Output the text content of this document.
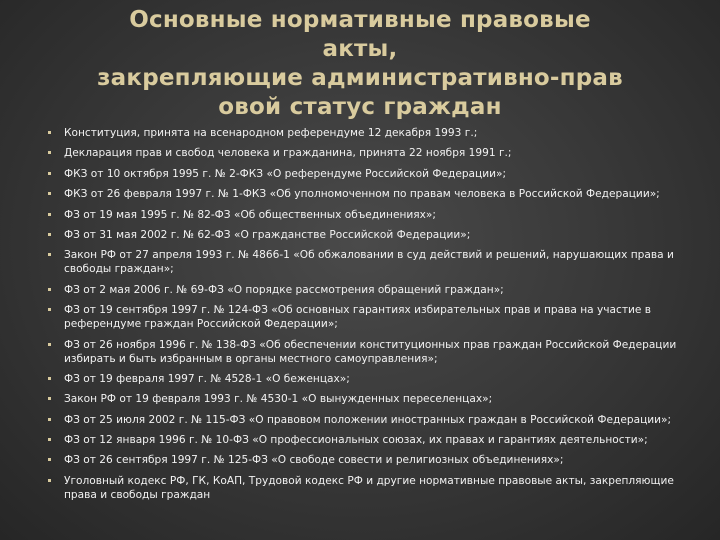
Основные нормативные правовые
акты,
закрепляющие административно-прав
овой статус граждан
Конституция, принята на всенародном референдуме 12 декабря 1993 г.;
Декларация прав и свобод человека и гражданина, принята 22 ноября 1991 г.;
ФКЗ от 10 октября 1995 г. № 2-ФКЗ «О референдуме Российской Федерации»;
ФКЗ от 26 февраля 1997 г. № 1-ФКЗ «Об уполномоченном по правам человека в Российской Федерации»;
ФЗ от 19 мая 1995 г. № 82-ФЗ «Об общественных объединениях»;
ФЗ от 31 мая 2002 г. № 62-ФЗ «О гражданстве Российской Федерации»;
Закон РФ от 27 апреля 1993 г. № 4866-1 «Об обжаловании в суд действий и решений, нарушающих права и свободы граждан»;
ФЗ от 2 мая 2006 г. № 69-ФЗ «О порядке рассмотрения обращений граждан»;
ФЗ от 19 сентября 1997 г. № 124-ФЗ «Об основных гарантиях избирательных прав и права на участие в референдуме граждан Российской Федерации»;
ФЗ от 26 ноября 1996 г. № 138-ФЗ «Об обеспечении конституционных прав граждан Российской Федерации избирать и быть избранным в органы местного самоуправления»;
ФЗ от 19 февраля 1997 г. № 4528-1 «О беженцах»;
Закон РФ от 19 февраля 1993 г. № 4530-1 «О вынужденных переселенцах»;
ФЗ от 25 июля 2002 г. № 115-ФЗ «О правовом положении иностранных граждан в Российской Федерации»;
ФЗ от 12 января 1996 г. № 10-ФЗ «О профессиональных союзах, их правах и гарантиях деятельности»;
ФЗ от 26 сентября 1997 г. № 125-ФЗ «О свободе совести и религиозных объединениях»;
Уголовный кодекс РФ, ГК, КоАП, Трудовой кодекс РФ и другие нормативные правовые акты, закрепляющие права и свободы граждан
